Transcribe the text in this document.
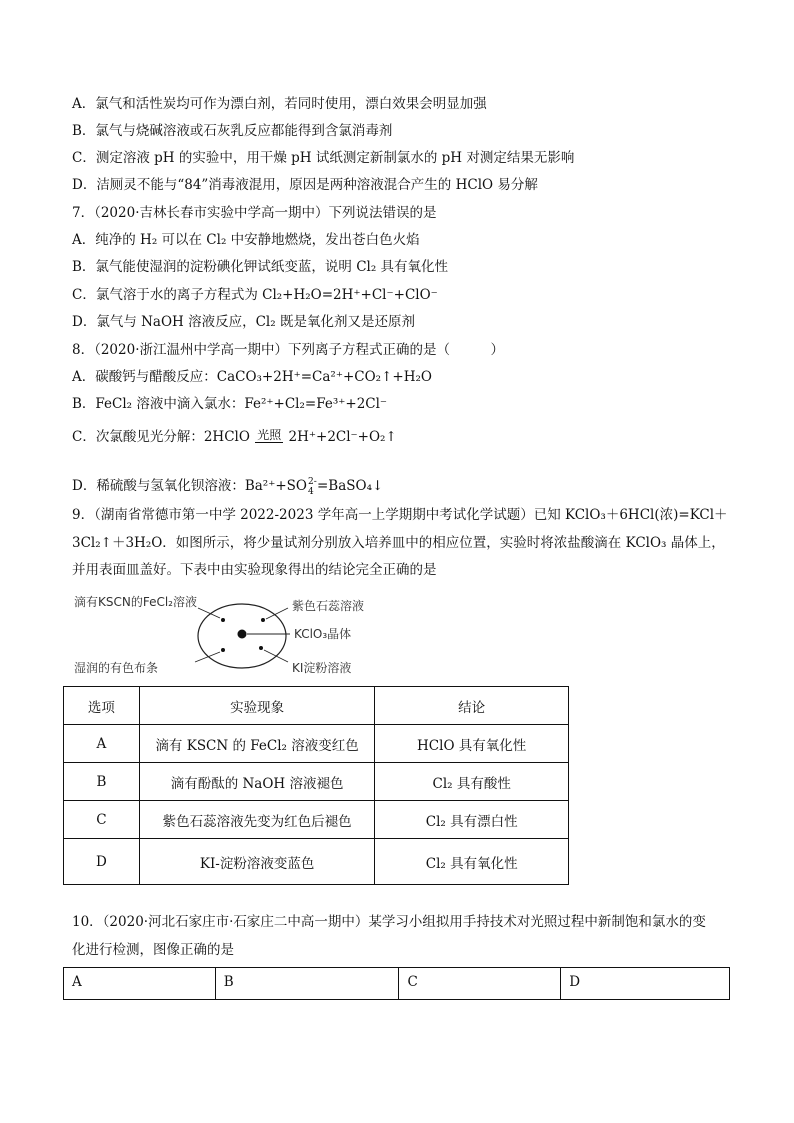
A．氯气和活性炭均可作为漂白剂，若同时使用，漂白效果会明显加强
B．氯气与烧碱溶液或石灰乳反应都能得到含氯消毒剂
C．测定溶液 pH 的实验中，用干燥 pH 试纸测定新制氯水的 pH 对测定结果无影响
D．洁厕灵不能与“84”消毒液混用，原因是两种溶液混合产生的 HClO 易分解
7．（2020·吉林长春市实验中学高一期中）下列说法错误的是
A．纯净的 H₂ 可以在 Cl₂ 中安静地燃烧，发出苍白色火焰
B．氯气能使湿润的淀粉碘化钾试纸变蓝，说明 Cl₂ 具有氧化性
C．氯气溶于水的离子方程式为 Cl₂+H₂O=2H⁺+Cl⁻+ClO⁻
D．氯气与 NaOH 溶液反应，Cl₂ 既是氧化剂又是还原剂
8．（2020·浙江温州中学高一期中）下列离子方程式正确的是（　　　）
A．碳酸钙与醋酸反应：CaCO₃+2H⁺=Ca²⁺+CO₂↑+H₂O
B．FeCl₂ 溶液中滴入氯水：Fe²⁺+Cl₂=Fe³⁺+2Cl⁻
C．次氯酸见光分解：2HClO 光照 2H⁺+2Cl⁻+O₂↑
D．稀硫酸与氢氧化钡溶液：Ba²⁺+SO 2-
4 =BaSO₄↓
9．（湖南省常德市第一中学 2022-2023 学年高一上学期期中考试化学试题）已知 KClO₃＋6HCl(浓)=KCl＋
3Cl₂↑＋3H₂O．如图所示，将少量试剂分别放入培养皿中的相应位置，实验时将浓盐酸滴在 KClO₃ 晶体上，
并用表面皿盖好。下表中由实验现象得出的结论完全正确的是
滴有KSCN的FeCl₂溶液	紫色石蕊溶液
KClO₃晶体
湿润的有色布条	KI淀粉溶液
选项	实验现象	结论
A	滴有 KSCN 的 FeCl₂ 溶液变红色	HClO 具有氧化性
B	滴有酚酞的 NaOH 溶液褪色	Cl₂ 具有酸性
C	紫色石蕊溶液先变为红色后褪色	Cl₂ 具有漂白性
D	KI-淀粉溶液变蓝色	Cl₂ 具有氧化性
10．（2020·河北石家庄市·石家庄二中高一期中）某学习小组拟用手持技术对光照过程中新制饱和氯水的变
化进行检测，图像正确的是
A	B	C	D
